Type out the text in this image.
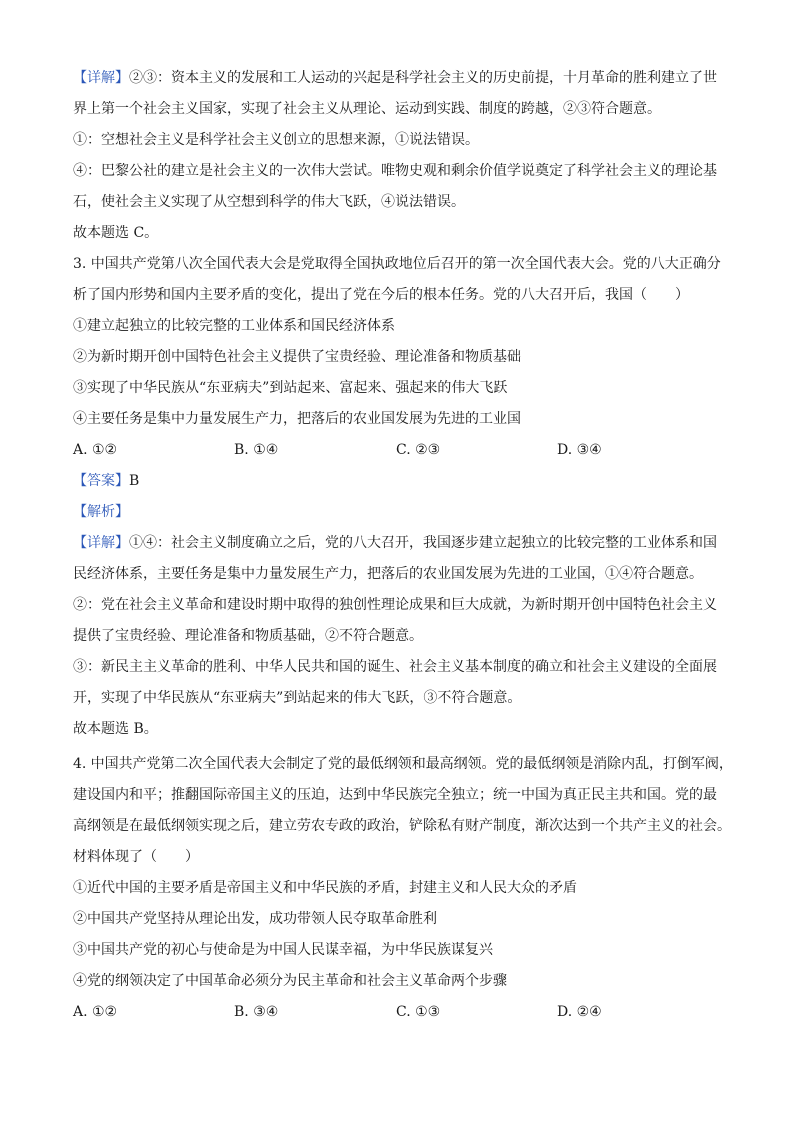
【详解】②③：资本主义的发展和工人运动的兴起是科学社会主义的历史前提，十月革命的胜利建立了世
界上第一个社会主义国家，实现了社会主义从理论、运动到实践、制度的跨越，②③符合题意。
①：空想社会主义是科学社会主义创立的思想来源，①说法错误。
④：巴黎公社的建立是社会主义的一次伟大尝试。唯物史观和剩余价值学说奠定了科学社会主义的理论基
石，使社会主义实现了从空想到科学的伟大飞跃，④说法错误。
故本题选 C。
3. 中国共产党第八次全国代表大会是党取得全国执政地位后召开的第一次全国代表大会。党的八大正确分
析了国内形势和国内主要矛盾的变化，提出了党在今后的根本任务。党的八大召开后，我国（　　）
①建立起独立的比较完整的工业体系和国民经济体系
②为新时期开创中国特色社会主义提供了宝贵经验、理论准备和物质基础
③实现了中华民族从“东亚病夫”到站起来、富起来、强起来的伟大飞跃
④主要任务是集中力量发展生产力，把落后的农业国发展为先进的工业国
A. ①②	B. ①④	C. ②③	D. ③④
【答案】B
【解析】
【详解】①④：社会主义制度确立之后，党的八大召开，我国逐步建立起独立的比较完整的工业体系和国
民经济体系，主要任务是集中力量发展生产力，把落后的农业国发展为先进的工业国，①④符合题意。
②：党在社会主义革命和建设时期中取得的独创性理论成果和巨大成就，为新时期开创中国特色社会主义
提供了宝贵经验、理论准备和物质基础，②不符合题意。
③：新民主主义革命的胜利、中华人民共和国的诞生、社会主义基本制度的确立和社会主义建设的全面展
开，实现了中华民族从“东亚病夫”到站起来的伟大飞跃，③不符合题意。
故本题选 B。
4. 中国共产党第二次全国代表大会制定了党的最低纲领和最高纲领。党的最低纲领是消除内乱，打倒军阀，
建设国内和平；推翻国际帝国主义的压迫，达到中华民族完全独立；统一中国为真正民主共和国。党的最
高纲领是在最低纲领实现之后，建立劳农专政的政治，铲除私有财产制度，渐次达到一个共产主义的社会。
材料体现了（　　）
①近代中国的主要矛盾是帝国主义和中华民族的矛盾，封建主义和人民大众的矛盾
②中国共产党坚持从理论出发，成功带领人民夺取革命胜利
③中国共产党的初心与使命是为中国人民谋幸福，为中华民族谋复兴
④党的纲领决定了中国革命必须分为民主革命和社会主义革命两个步骤
A. ①②	B. ③④	C. ①③	D. ②④
